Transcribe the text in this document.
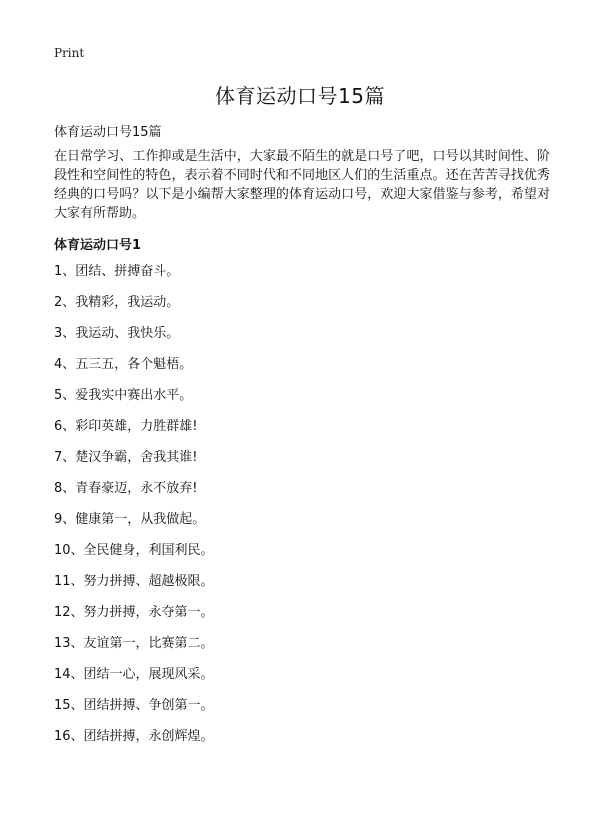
Print
体育运动口号15篇
体育运动口号15篇

在日常学习、工作抑或是生活中，大家最不陌生的就是口号了吧，口号以其时间性、阶段性和空间性的特色，表示着不同时代和不同地区人们的生活重点。还在苦苦寻找优秀经典的口号吗？以下是小编帮大家整理的体育运动口号，欢迎大家借鉴与参考，希望对大家有所帮助。

体育运动口号1
1、团结、拼搏奋斗。
2、我精彩，我运动。
3、我运动、我快乐。
4、五三五，各个魁梧。
5、爱我实中赛出水平。
6、彩印英雄，力胜群雄!
7、楚汉争霸，舍我其谁!
8、青春豪迈，永不放弃!
9、健康第一，从我做起。
10、全民健身，利国利民。
11、努力拼搏、超越极限。
12、努力拼搏，永夺第一。
13、友谊第一，比赛第二。
14、团结一心，展现风采。
15、团结拼搏、争创第一。
16、团结拼搏，永创辉煌。
